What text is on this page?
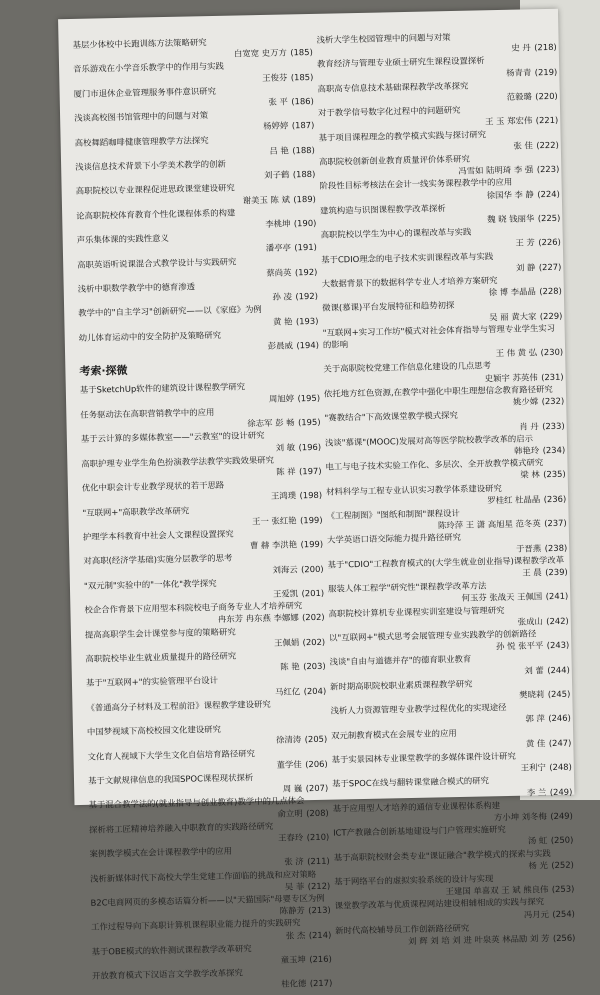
基层少体校中长跑训练方法策略研究
白宽宽 史万方 (185)
音乐游戏在小学音乐教学中的作用与实践
王俊芬 (185)
厦门市退休企业管理服务事件意识研究
张 平 (186)
浅谈高校图书馆管理中的问题与对策
杨婷婷 (187)
高校舞蹈咖啡健康管理教学方法探究
吕 艳 (188)
浅谈信息技术背景下小学美术教学的创新
刘子鹤 (188)
高职院校以专业课程促进思政课堂建设研究
谢美玉 陈 斌 (189)
论高职院校体育教育个性化课程体系的构建
李桃坤 (190)
声乐集体课的实践性意义
潘亭亭 (191)
高职英语听说课混合式教学设计与实践研究
蔡尚英 (192)
浅析中职数学教学中的德育渗透
孙 凌 (192)
教学中的"自主学习"创新研究——以《家庭》为例
黄 艳 (193)
幼儿体育运动中的安全防护及策略研究
彭晨威 (194)
考索·探微
基于SketchUp软件的建筑设计课程教学研究
周旭婷 (195)
任务驱动法在高职营销教学中的应用
徐志军 彭 畅 (195)
基于云计算的多媒体教室——"云教室"的设计研究
刘 敏 (196)
高职护理专业学生角色扮演教学法教学实践效果研究
陈 祥 (197)
优化中职会计专业教学现状的若干思路
王鸿璞 (198)
"互联网+"高职教学改革研究
王一 张红艳 (199)
护理学本科教育中社会人文课程设置探究
曹 赫 李洪艳 (199)
对高职(经济学基础)实施分层教学的思考
刘海云 (200)
"双元制"实验中的"一体化"教学探究
王爱凯 (201)
校企合作背景下应用型本科院校电子商务专业人才培养研究
冉东芳 冉东燕 李娜娜 (202)
提高高职学生会计课堂参与度的策略研究
王佩娟 (202)
高职院校毕业生就业质量提升的路径研究
陈 艳 (203)
基于"互联网+"的实验管理平台设计
马红亿 (204)
《普通高分子材料及工程前沿》课程教学建设研究

中国梦视域下高校校园文化建设研究
徐清涛 (205)
文化育人视域下大学生文化自信培育路径研究
董学佳 (206)
基于文献规律信息的我国SPOC课程现状探析
周 巍 (207)
基于混合教学法的(就业指导与创业教育)教学中的几点体会
俞立明 (208)
探析将工匠精神培养融入中职教育的实践路径研究
王春玲 (210)
案例教学模式在会计课程教学中的应用
张 济 (211)
浅析新媒体时代下高校大学生党建工作面临的挑战和应对策略
吴 菲 (212)
B2C电商网页的多模态话篇分析——以"天猫国际"母婴专区为例
陈静芳 (213)
工作过程导向下高职计算机课程职业能力提升的实践研究
张 杰 (214)
基于OBE模式的软件测试课程教学改革研究
童玉坤 (216)
开放教育模式下汉语言文学教学改革探究
桂化德 (217)
浅析大学生校园管理中的问题与对策
史 丹 (218)
教育经济与管理专业硕士研究生课程设置探析
杨青青 (219)
高职高专信息技术基础课程教学改革探究
范毅璐 (220)
对于教学信号数字化过程中的问题研究
王 玉 郑宏伟 (221)
基于项目课程理念的教学模式实践与探讨研究
张 佳 (222)
高职院校创新创业教育质量评价体系研究
冯雪如 陆明琦 李 强 (223)
阶段性目标考核法在会计一线实务课程教学中的应用
徐国华 李 静 (224)
建筑构造与识图课程教学改革探析
魏 晓 钱丽华 (225)
高职院校以学生为中心的课程改革与实践
王 芳 (226)
基于CDIO理念的电子技术实训课程改革与实践
刘 静 (227)
大数据背景下的数据科学专业人才培养方案研究
徐 博 李晶晶 (228)
微课(慕课)平台发展特征和趋势初探
吴 丽 黄大家 (229)
"互联网+实习工作坊"模式对社会体育指导与管理专业学生实习的影响
王 伟 黄 弘 (230)
关于高职院校党建工作信息化建设的几点思考
史颖宇 苏英伟 (231)
依托地方红色资源,在教学中强化中职生理想信念教育路径研究
姚少嫦 (232)
"赛教结合"下高效课堂教学模式探究
肖 丹 (233)
浅谈"慕课"(MOOC)发展对高等医学院校教学改革的启示
韩艳玲 (234)
电工与电子技术实验工作化、多层次、全开放教学模式研究
梁 林 (235)
材料科学与工程专业认识实习教学体系建设研究
罗桂红 杜晶晶 (236)
《工程制图》"图纸和制图"课程设计
陈玲萍 王 潇 高旭星 范冬英 (237)
大学英语口语交际能力提升路径研究
于晋燕 (238)
基于"CDIO"工程教育模式的(大学生就业创业指导)课程教学改革
王 晨 (239)
服装人体工程学"研究性"课程教学改革方法
何玉芬 张战天 王佩国 (241)
高职院校计算机专业课程实训室建设与管理研究
张成山 (242)
以"互联网+"模式思考会展管理专业实践教学的创新路径
孙 悦 张平平 (243)
浅谈"自由与道德并存"的德育职业教育
刘 蕾 (244)
新时期高职院校职业素质课程教学研究
樊晓莉 (245)
浅析人力资源管理专业教学过程优化的实现途径
郭 萍 (246)
双元制教育模式在会展专业的应用
黄 佳 (247)
基于实景园林专业课堂教学的多媒体课件设计研究
王利宁 (248)
基于SPOC在线与翻转课堂融合模式的研究
李 兰 (249)
基于应用型人才培养的通信专业课程体系构建
方小坤 刘冬梅 (249)
ICT产教融合创新基地建设与门户管理实施研究
汤 虹 (250)
基于高职院校财会类专业"课证融合"教学模式的探索与实践
杨 光 (252)
基于网络平台的虚拟实验系统的设计与实现
王建国 单喜双 王 斌 熊良伟 (253)
课堂教学改革与优质课程网站建设相辅相成的实践与探究
冯月元 (254)
新时代高校辅导员工作创新路径研究
刘 辉 刘 培 刘 进 叶泉英 林品励 刘 芳 (256)
